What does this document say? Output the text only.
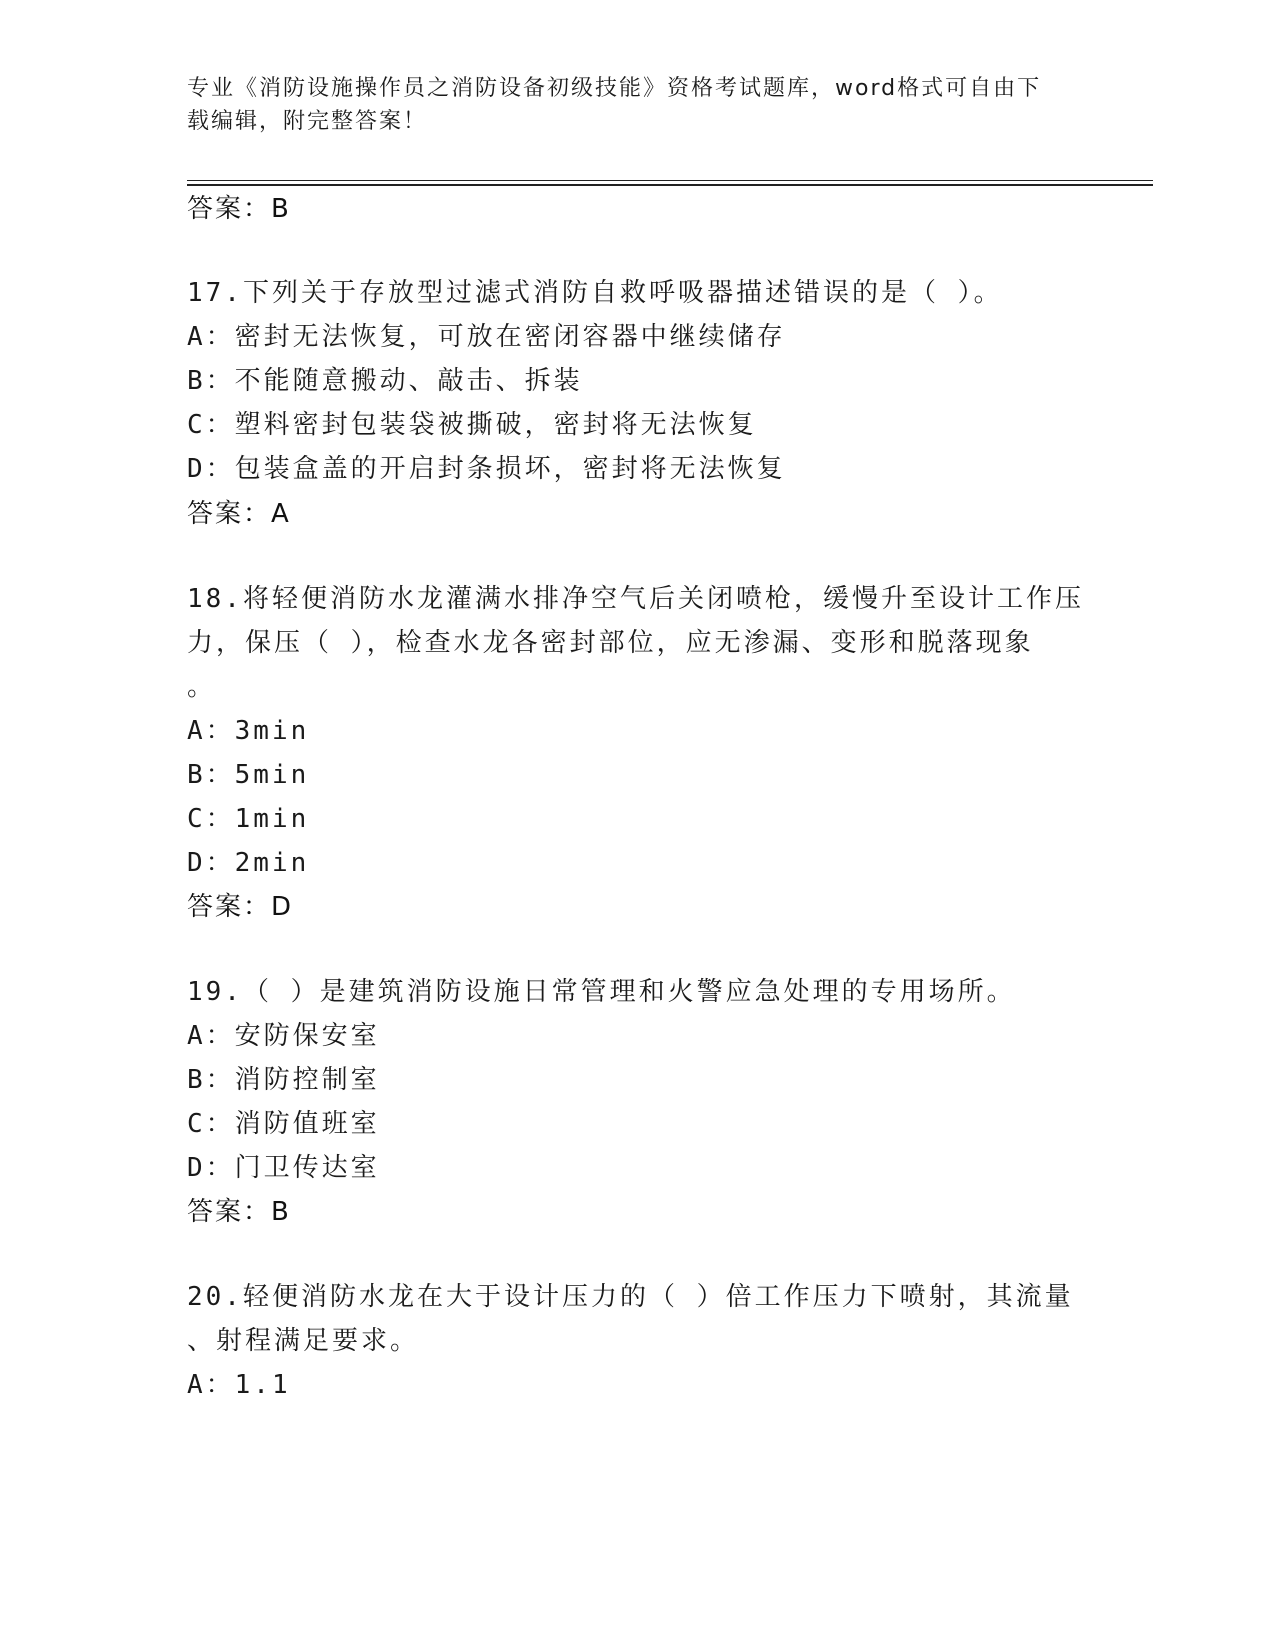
专业《消防设施操作员之消防设备初级技能》资格考试题库，word格式可自由下
载编辑，附完整答案！
答案：B
17.下列关于存放型过滤式消防自救呼吸器描述错误的是（ ）。
A：密封无法恢复，可放在密闭容器中继续储存
B：不能随意搬动、敲击、拆装
C：塑料密封包装袋被撕破，密封将无法恢复
D：包装盒盖的开启封条损坏，密封将无法恢复
答案：A
18.将轻便消防水龙灌满水排净空气后关闭喷枪，缓慢升至设计工作压
力，保压（ ），检查水龙各密封部位，应无渗漏、变形和脱落现象
。
A：3min
B：5min
C：1min
D：2min
答案：D
19.（ ）是建筑消防设施日常管理和火警应急处理的专用场所。
A：安防保安室
B：消防控制室
C：消防值班室
D：门卫传达室
答案：B
20.轻便消防水龙在大于设计压力的（ ）倍工作压力下喷射，其流量
、射程满足要求。
A：1.1
